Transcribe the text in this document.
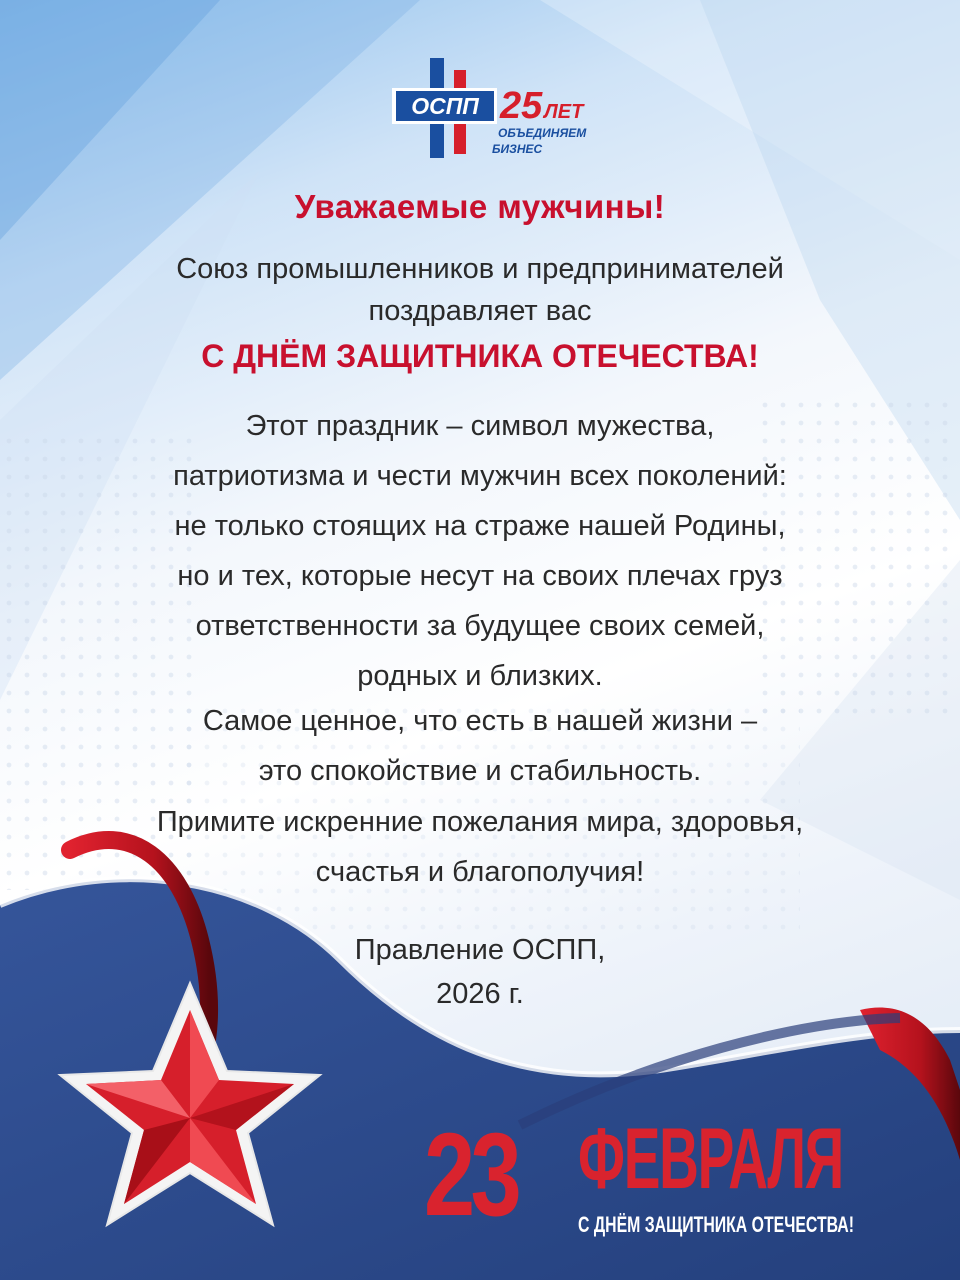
ОСПП 25 ЛЕТ
ОБЪЕДИНЯЕМ
БИЗНЕС
Уважаемые мужчины!
Союз промышленников и предпринимателей
поздравляет вас
С ДНЁМ ЗАЩИТНИКА ОТЕЧЕСТВА!
Этот праздник – символ мужества,
патриотизма и чести мужчин всех поколений:
не только стоящих на страже нашей Родины,
но и тех, которые несут на своих плечах груз
ответственности за будущее своих семей,
родных и близких.
Самое ценное, что есть в нашей жизни –
это спокойствие и стабильность.
Примите искренние пожелания мира, здоровья,
счастья и благополучия!
Правление ОСПП,
2026 г.
23 ФЕВРАЛЯ
С ДНЁМ ЗАЩИТНИКА ОТЕЧЕСТВА!
